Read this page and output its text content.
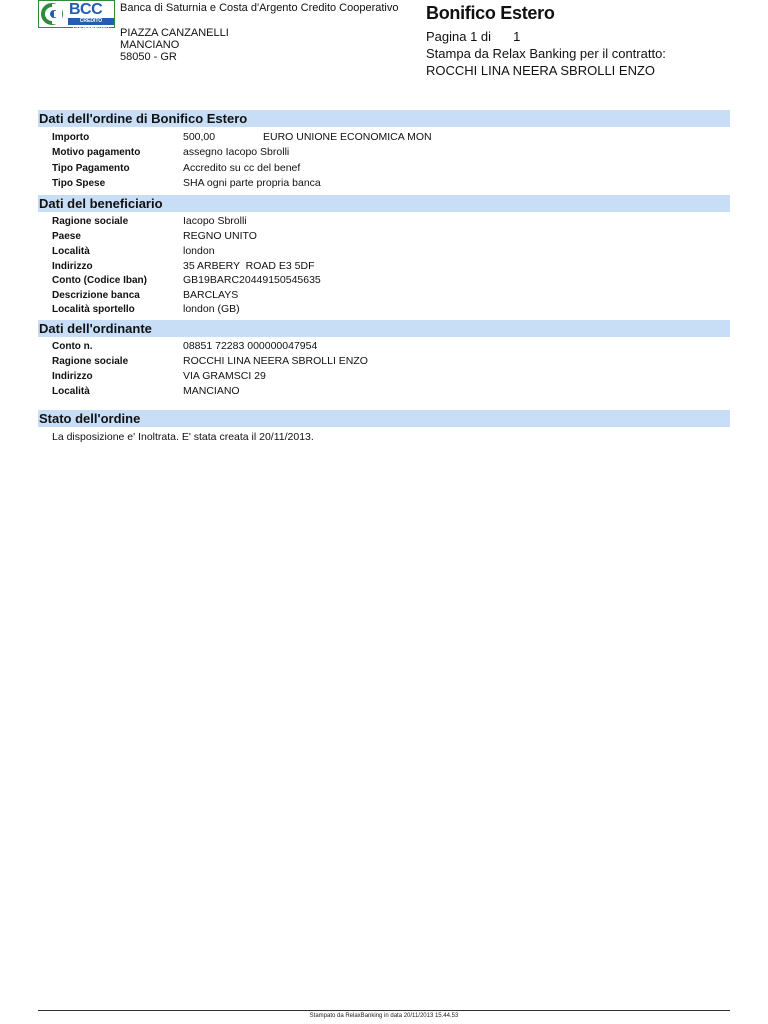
BCC
CREDITO COOPERATIVO
Banca di Saturnia e Costa d'Argento Credito Cooperativo
PIAZZA CANZANELLI
MANCIANO
58050 - GR
Bonifico Estero
Pagina 1 di 1
Stampa da Relax Banking per il contratto:
ROCCHI LINA NEERA SBROLLI ENZO
Dati dell'ordine di Bonifico Estero
Importo	500,00	EURO UNIONE ECONOMICA MON
Motivo pagamento	assegno Iacopo Sbrolli
Tipo Pagamento	Accredito su cc del benef
Tipo Spese	SHA ogni parte propria banca
Dati del beneficiario
Ragione sociale	Iacopo Sbrolli
Paese	REGNO UNITO
Località	london
Indirizzo	35 ARBERY  ROAD E3 5DF
Conto (Codice Iban)	GB19BARC20449150545635
Descrizione banca	BARCLAYS
Località sportello	london (GB)
Dati dell'ordinante
Conto n.	08851 72283 000000047954
Ragione sociale	ROCCHI LINA NEERA SBROLLI ENZO
Indirizzo	VIA GRAMSCI 29
Località	MANCIANO
Stato dell'ordine
La disposizione e' Inoltrata. E' stata creata il 20/11/2013.
Stampato da RelaxBanking in data 20/11/2013 15.44.53
